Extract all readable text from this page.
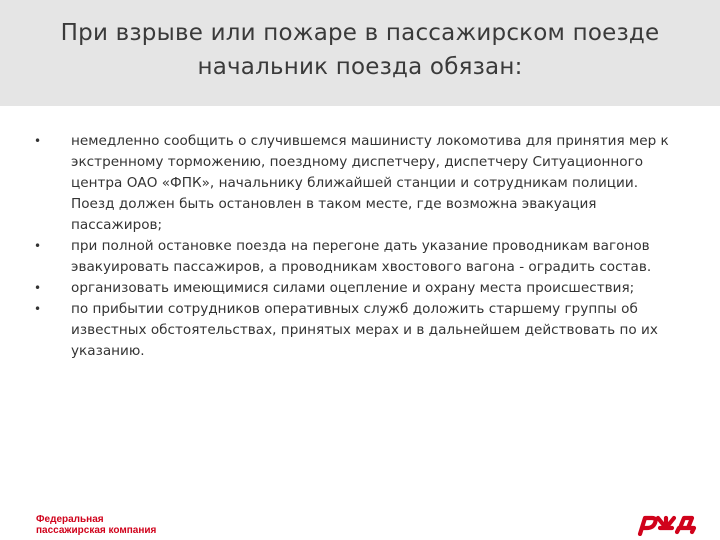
При взрыве или пожаре в пассажирском поезде
начальник поезда обязан:
• немедленно сообщить о случившемся машинисту локомотива для принятия мер к экстренному торможению, поездному диспетчеру, диспетчеру Ситуационного центра ОАО «ФПК», начальнику ближайшей станции и сотрудникам полиции. Поезд должен быть остановлен в таком месте, где возможна эвакуация пассажиров;
• при полной остановке поезда на перегоне дать указание проводникам вагонов эвакуировать пассажиров, а проводникам хвостового вагона - оградить состав.
• организовать имеющимися силами оцепление и охрану места происшествия;
• по прибытии сотрудников оперативных служб доложить старшему группы об известных обстоятельствах, принятых мерах и в дальнейшем действовать по их указанию.
Федеральная
пассажирская компания
